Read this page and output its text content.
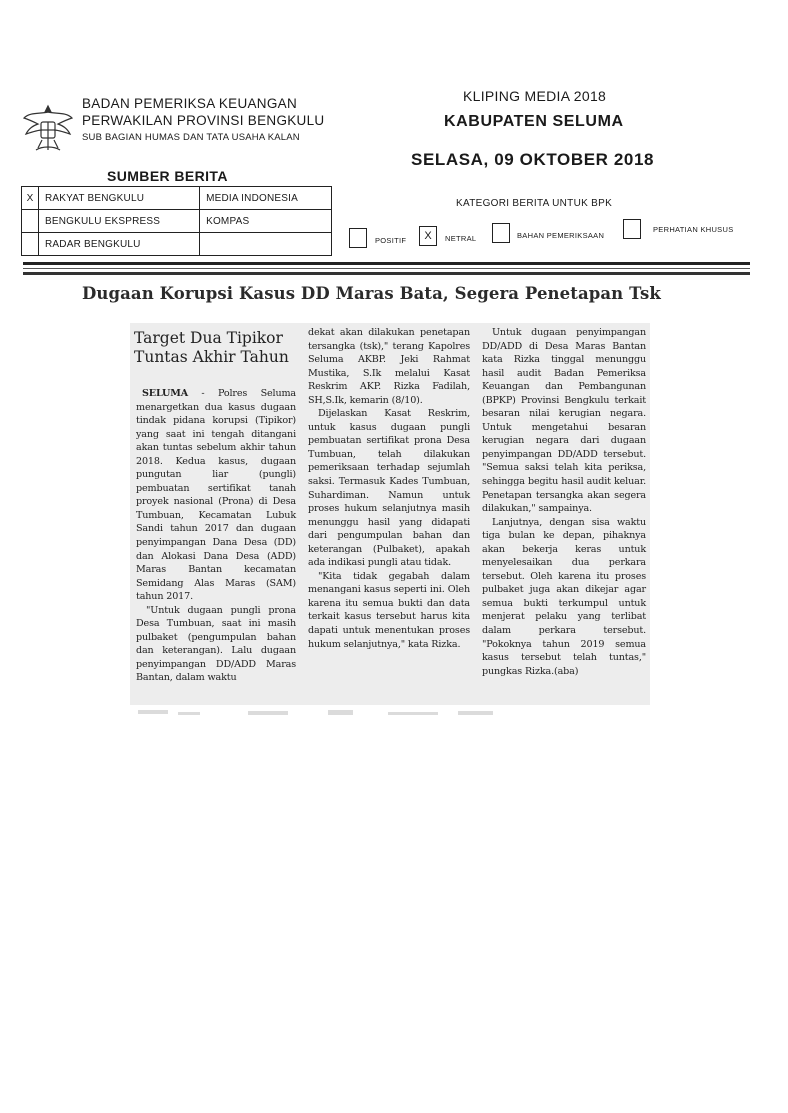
BADAN PEMERIKSA KEUANGAN
PERWAKILAN PROVINSI BENGKULU
SUB BAGIAN HUMAS DAN TATA USAHA KALAN
KLIPING MEDIA 2018
KABUPATEN SELUMA
SELASA, 09 OKTOBER 2018
SUMBER BERITA
X	RAKYAT BENGKULU	MEDIA INDONESIA
	BENGKULU EKSPRESS	KOMPAS
	RADAR BENGKULU	
KATEGORI BERITA UNTUK BPK
POSITIF	X	NETRAL	BAHAN PEMERIKSAAN
PERHATIAN KHUSUS
Dugaan Korupsi Kasus DD Maras Bata, Segera Penetapan Tsk
Target Dua Tipikor Tuntas Akhir Tahun

SELUMA - Polres Seluma menargetkan dua kasus dugaan tindak pidana korupsi (Tipikor) yang saat ini tengah ditangani akan tuntas sebelum akhir tahun 2018. Kedua kasus, dugaan pungutan liar (pungli) pembuatan sertifikat tanah proyek nasional (Prona) di Desa Tumbuan, Kecamatan Lubuk Sandi tahun 2017 dan dugaan penyimpangan Dana Desa (DD) dan Alokasi Dana Desa (ADD) Maras Bantan kecamatan Semidang Alas Maras (SAM) tahun 2017.

"Untuk dugaan pungli prona Desa Tumbuan, saat ini masih pulbaket (pengumpulan bahan dan keterangan). Lalu dugaan penyimpangan DD/ADD Maras Bantan, dalam waktu

dekat akan dilakukan penetapan tersangka (tsk)," terang Kapolres Seluma AKBP. Jeki Rahmat Mustika, S.Ik melalui Kasat Reskrim AKP. Rizka Fadilah, SH,S.Ik, kemarin (8/10).

Dijelaskan Kasat Reskrim, untuk kasus dugaan pungli pembuatan sertifikat prona Desa Tumbuan, telah dilakukan pemeriksaan terhadap sejumlah saksi. Termasuk Kades Tumbuan, Suhardiman. Namun untuk proses hukum selanjutnya masih menunggu hasil yang didapati dari pengumpulan bahan dan keterangan (Pulbaket), apakah ada indikasi pungli atau tidak.

"Kita tidak gegabah dalam menangani kasus seperti ini. Oleh karena itu semua bukti dan data terkait kasus tersebut harus kita dapati untuk menentukan proses hukum selanjutnya," kata Rizka.

Untuk dugaan penyimpangan DD/ADD di Desa Maras Bantan kata Rizka tinggal menunggu hasil audit Badan Pemeriksa Keuangan dan Pembangunan (BPKP) Provinsi Bengkulu terkait besaran nilai kerugian negara. Untuk mengetahui besaran kerugian negara dari dugaan penyimpangan DD/ADD tersebut. "Semua saksi telah kita periksa, sehingga begitu hasil audit keluar. Penetapan tersangka akan segera dilakukan," sampainya.

Lanjutnya, dengan sisa waktu tiga bulan ke depan, pihaknya akan bekerja keras untuk menyelesaikan dua perkara tersebut. Oleh karena itu proses pulbaket juga akan dikejar agar semua bukti terkumpul untuk menjerat pelaku yang terlibat dalam perkara tersebut. "Pokoknya tahun 2019 semua kasus tersebut telah tuntas," pungkas Rizka.(aba)
